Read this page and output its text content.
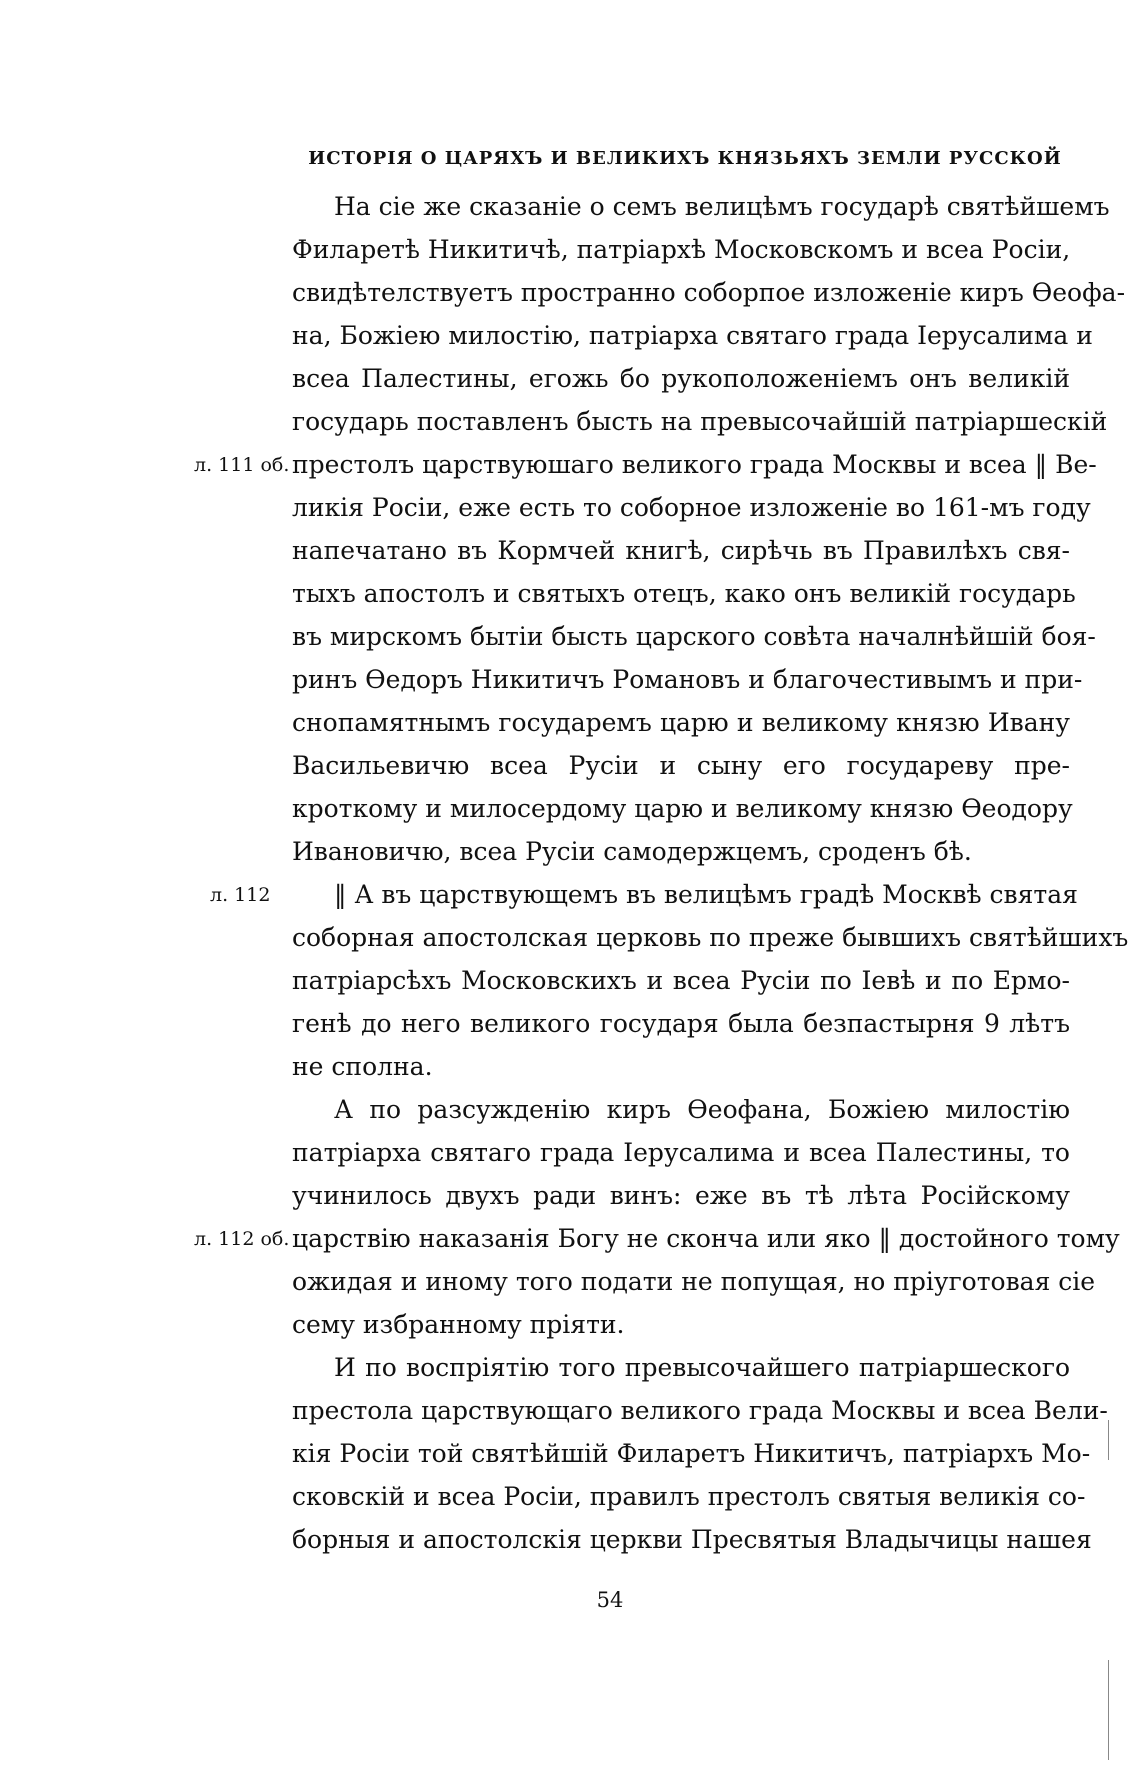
ИСТОРІЯ О ЦАРЯХЪ И ВЕЛИКИХЪ КНЯЗЬЯХЪ ЗЕМЛИ РУССКОЙ
На сіе же сказаніе о семъ велицѣмъ государѣ святѣйшемъ
Филаретѣ Никитичѣ, патріархѣ Московскомъ и всеа Росіи,
свидѣтелствуетъ пространно соборпое изложеніе киръ Ѳеофа-
на, Божіею милостію, патріарха святаго града Іерусалима и
всеа Палестины, егожь бо рукоположеніемъ онъ великій
государь поставленъ бысть на превысочайшій патріаршескій
престолъ царствуюшаго великого града Москвы и всеа ‖ Ве-
ликія Росіи, еже есть то соборное изложеніе во 161-мъ году
напечатано въ Кормчей книгѣ, сирѣчь въ Правилѣхъ свя-
тыхъ апостолъ и святыхъ отецъ, како онъ великій государь
въ мирскомъ бытіи бысть царского совѣта началнѣйшій боя-
ринъ Ѳедоръ Никитичъ Романовъ и благочестивымъ и при-
снопамятнымъ государемъ царю и великому князю Ивану
Васильевичю всеа Русіи и сыну его государеву пре-
кроткому и милосердому царю и великому князю Ѳеодору
Ивановичю, всеа Русіи самодержцемъ, сроденъ бѣ.
‖ А въ царствующемъ въ велицѣмъ градѣ Москвѣ святая
соборная апостолская церковь по преже бывшихъ святѣйшихъ
патріарсѣхъ Московскихъ и всеа Русіи по Іевѣ и по Ермо-
генѣ до него великого государя была безпастырня 9 лѣтъ
не сполна.
А по разсужденію киръ Ѳеофана, Божіею милостію
патріарха святаго града Іерусалима и всеа Палестины, то
учинилось двухъ ради винъ: еже въ тѣ лѣта Російскому
царствію наказанія Богу не скончa или яко ‖ достойного тому
ожидая и иному того подати не попущая, но пріуготовая сіе
сему избранному пріяти.
И по воспріятію того превысочайшего патріаршеского
престола царствующаго великого града Москвы и всеа Вели-
кія Росіи той святѣйшій Филаретъ Никитичъ, патріархъ Мо-
сковскій и всеа Росіи, правилъ престолъ святыя великія со-
борныя и апостолскія церкви Пресвятыя Владычицы нашея
л. 111 об.
л. 112
л. 112 об.
54
